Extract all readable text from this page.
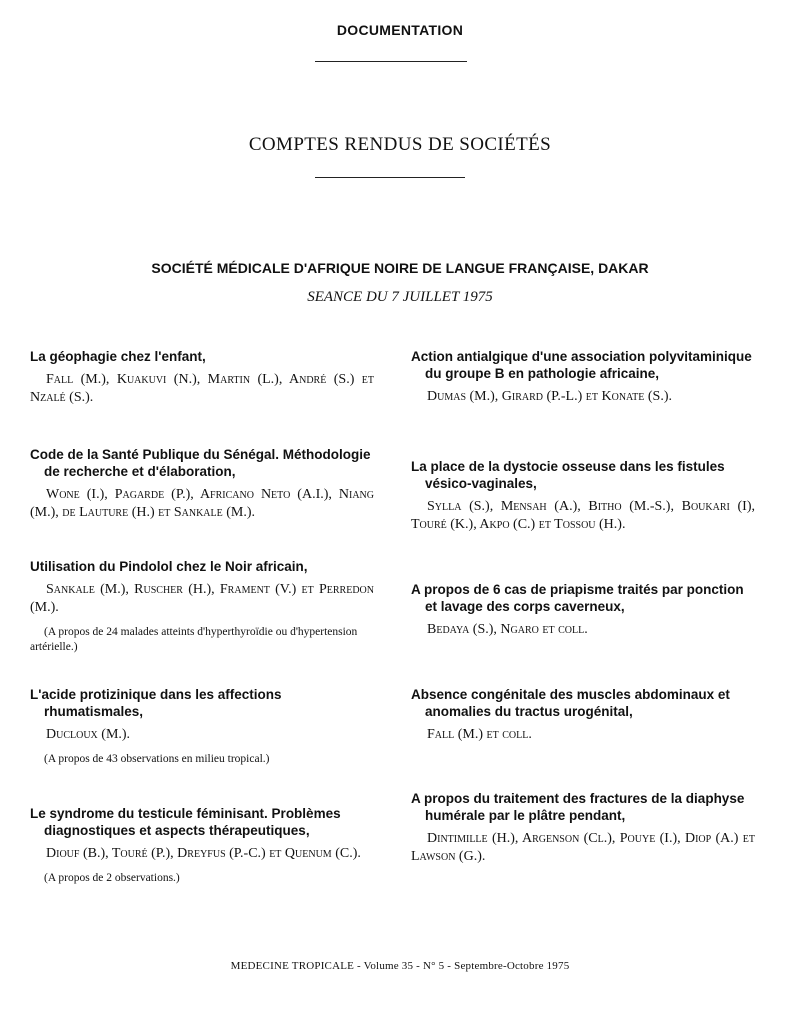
DOCUMENTATION
COMPTES RENDUS DE SOCIÉTÉS
SOCIÉTÉ MÉDICALE D'AFRIQUE NOIRE DE LANGUE FRANÇAISE, DAKAR
SEANCE DU 7 JUILLET 1975
La géophagie chez l'enfant,
Fall (M.), Kuakuvi (N.), Martin (L.), André (S.) et Nzalé (S.).
Code de la Santé Publique du Sénégal. Méthodologie de recherche et d'élaboration,
Wone (I.), Pagarde (P.), Africano Neto (A.I.), Niang (M.), de Lauture (H.) et Sankale (M.).
Utilisation du Pindolol chez le Noir africain,
Sankale (M.), Ruscher (H.), Frament (V.) et Perredon (M.).
(A propos de 24 malades atteints d'hyperthyroïdie ou d'hypertension artérielle.)
L'acide protizinique dans les affections rhumatismales,
Ducloux (M.).
(A propos de 43 observations en milieu tropical.)
Le syndrome du testicule féminisant. Problèmes diagnostiques et aspects thérapeutiques,
Diouf (B.), Touré (P.), Dreyfus (P.-C.) et Quenum (C.).
(A propos de 2 observations.)
Action antialgique d'une association polyvitaminique du groupe B en pathologie africaine,
Dumas (M.), Girard (P.-L.) et Konate (S.).
La place de la dystocie osseuse dans les fistules vésico-vaginales,
Sylla (S.), Mensah (A.), Bitho (M.-S.), Boukari (I), Touré (K.), Akpo (C.) et Tossou (H.).
A propos de 6 cas de priapisme traités par ponction et lavage des corps caverneux,
Bedaya (S.), Ngaro et coll.
Absence congénitale des muscles abdominaux et anomalies du tractus urogénital,
Fall (M.) et coll.
A propos du traitement des fractures de la diaphyse humérale par le plâtre pendant,
Dintimille (H.), Argenson (Cl.), Pouye (I.), Diop (A.) et Lawson (G.).
MEDECINE TROPICALE - Volume 35 - N° 5 - Septembre-Octobre 1975
